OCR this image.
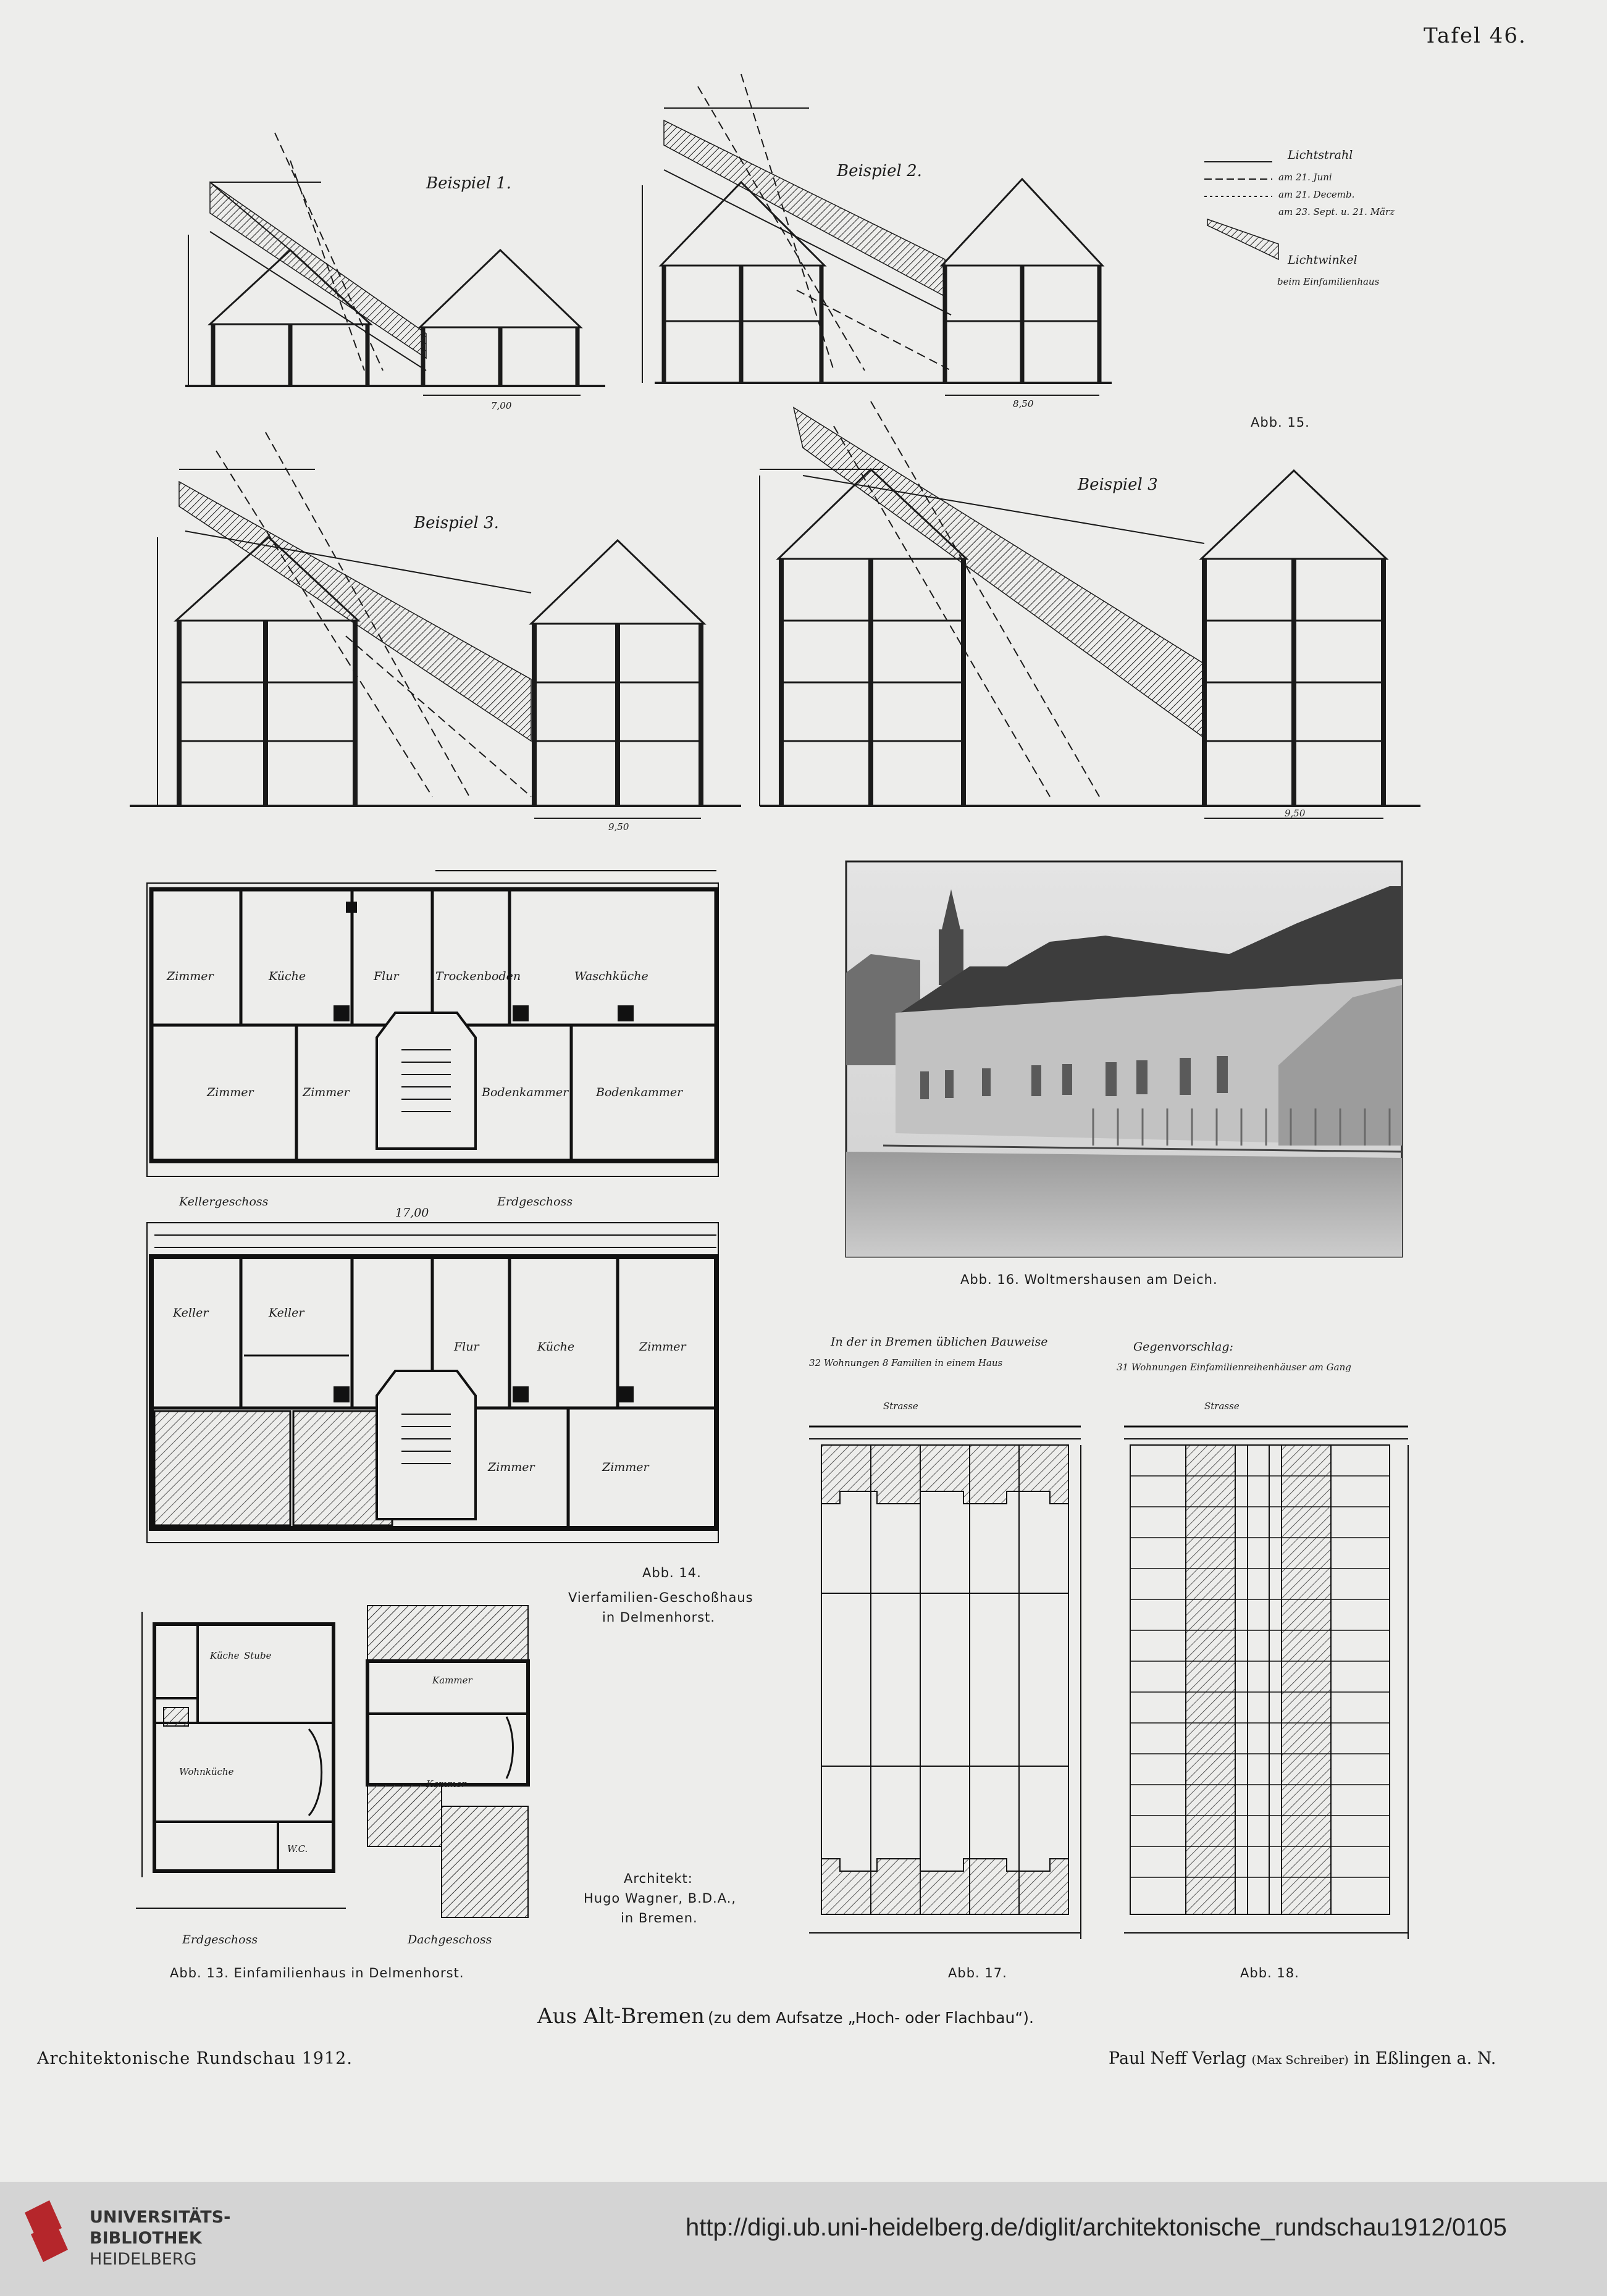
Tafel 46.
Beispiel 1.
Beispiel 2.
Beispiel 3.
Beispiel 3
7,00	8,50
9,50
9,50
Abb. 15.
Lichtstrahl
am 21. Juni
am 21. Decemb.
am 23. Sept. u. 21. März
Lichtwinkel
beim Einfamilienhaus
Zimmer	Küche	Flur	Trockenboden	Waschküche
Zimmer	Zimmer	Bodenkammer Bodenkammer
Kellergeschoss	Erdgeschoss
17,00
Keller	Keller
Flur	Küche	Zimmer
Zimmer	Zimmer
Abb. 14.
Vierfamilien-Geschoßhaus
in Delmenhorst.
Abb. 16. Woltmershausen am Deich.
Küche Stube
Wohnküche
W.C.
Kammer
Kammer
Erdgeschoss	Dachgeschoss
Abb. 13. Einfamilienhaus in Delmenhorst.
Architekt:
Hugo Wagner, B.D.A.,
in Bremen.
In der in Bremen üblichen Bauweise
32 Wohnungen 8 Familien in einem Haus
Strasse
Gegenvorschlag:
31 Wohnungen Einfamilienreihenhäuser am Gang
Strasse
Abb. 17.	Abb. 18.
Aus Alt-Bremen (zu dem Aufsatze „Hoch- oder Flachbau“).
Architektonische Rundschau 1912.	Paul Neff Verlag (Max Schreiber) in Eßlingen a. N.
UNIVERSITÄTS-
BIBLIOTHEK
HEIDELBERG
http://digi.ub.uni-heidelberg.de/diglit/architektonische_rundschau1912/0105
